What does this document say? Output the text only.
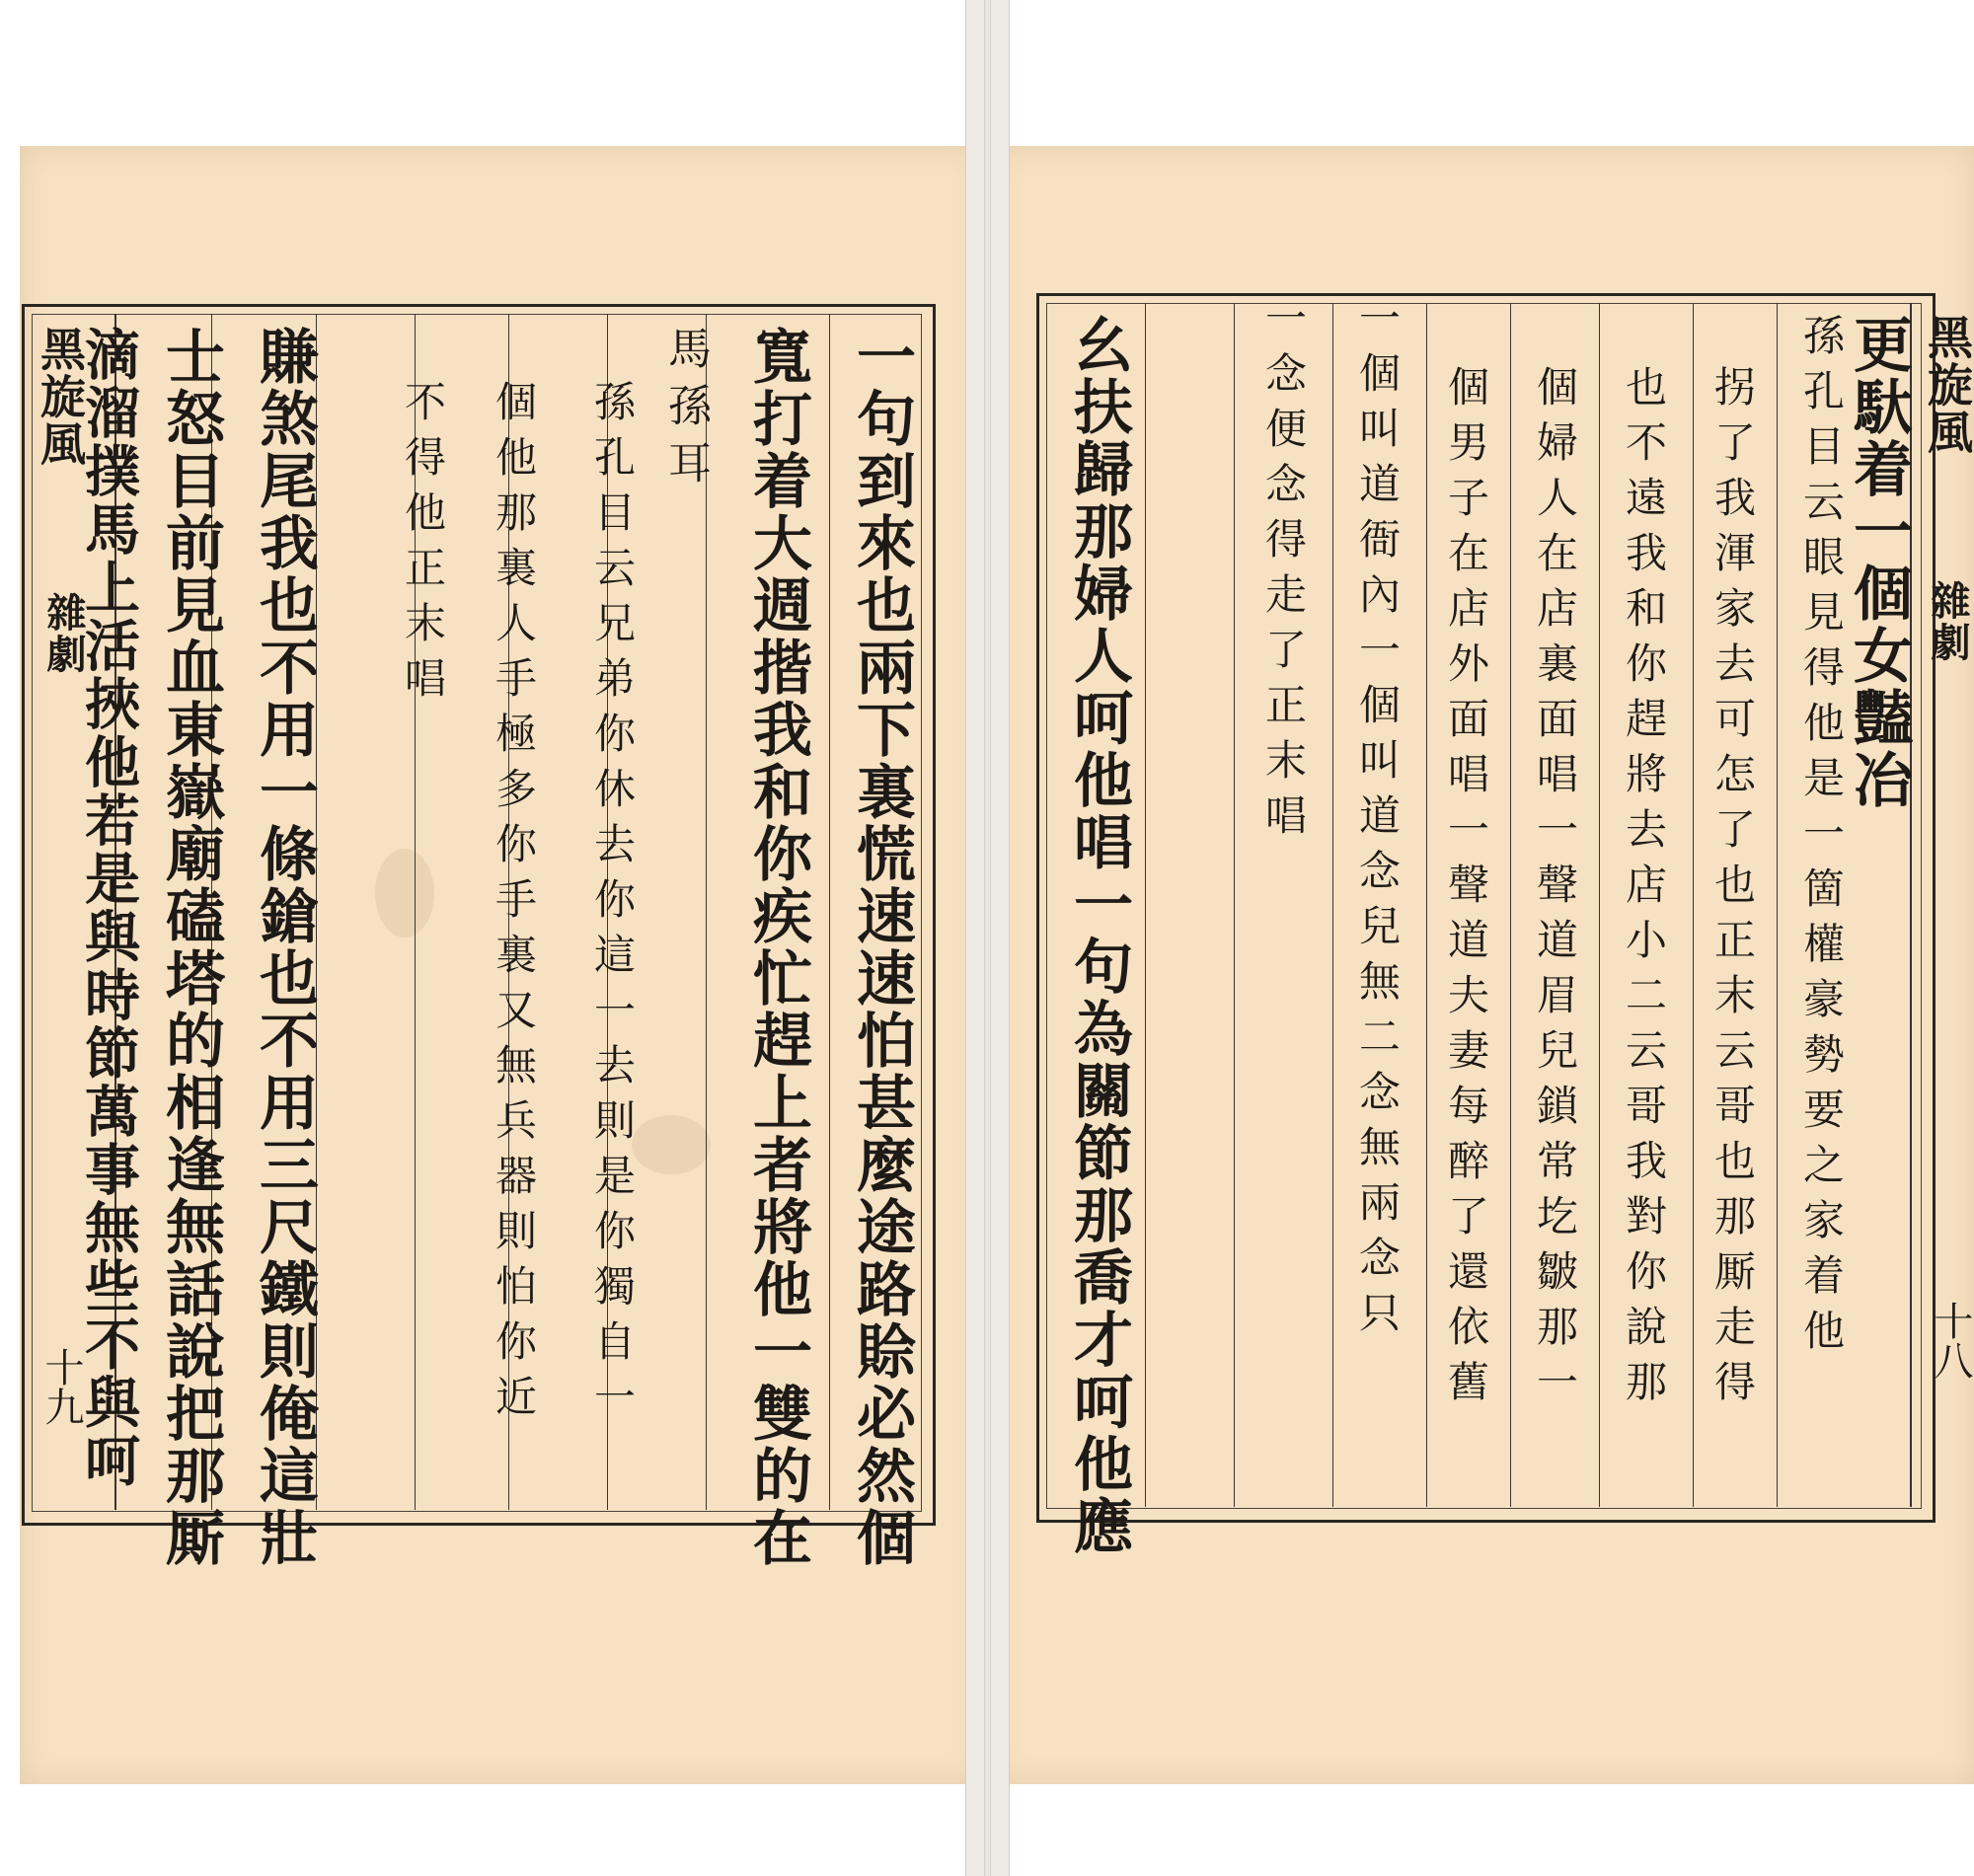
黑旋風
雜劇
十九	一句到來也兩下裏慌速速怕甚麼途路賒必然個
寬打着大週揩我和你疾忙趕上者將他一雙的在
馬孫耳
孫孔目云兄弟你休去你這一去則是你獨自一
個他那裏人手極多你手裏又無兵器則怕你近
不得他正末唱
賺煞尾我也不用一條鎗也不用三尺鐵則俺這壯
士怒目前見血東嶽廟磕塔的相逢無話說把那厮
滴溜撲馬上活挾他若是與時節萬事無些不與呵	黑旋風
雜劇
十八
更馱着一個女豔冶
孫孔目云眼見得他是一箇權豪勢要之家着他
拐了我渾家去可怎了也正末云哥也那厮走得
也不遠我和你趕將去店小二云哥我對你說那
個婦人在店裏面唱一聲道眉兒鎖常圪皺那一
個男子在店外面唱一聲道夫妻每醉了還依舊
一個叫道衙內一個叫道念兒無二念無兩念只
一念便念得走了正末唱
幺扶歸那婦人呵他唱一句為關節那喬才呵他應
